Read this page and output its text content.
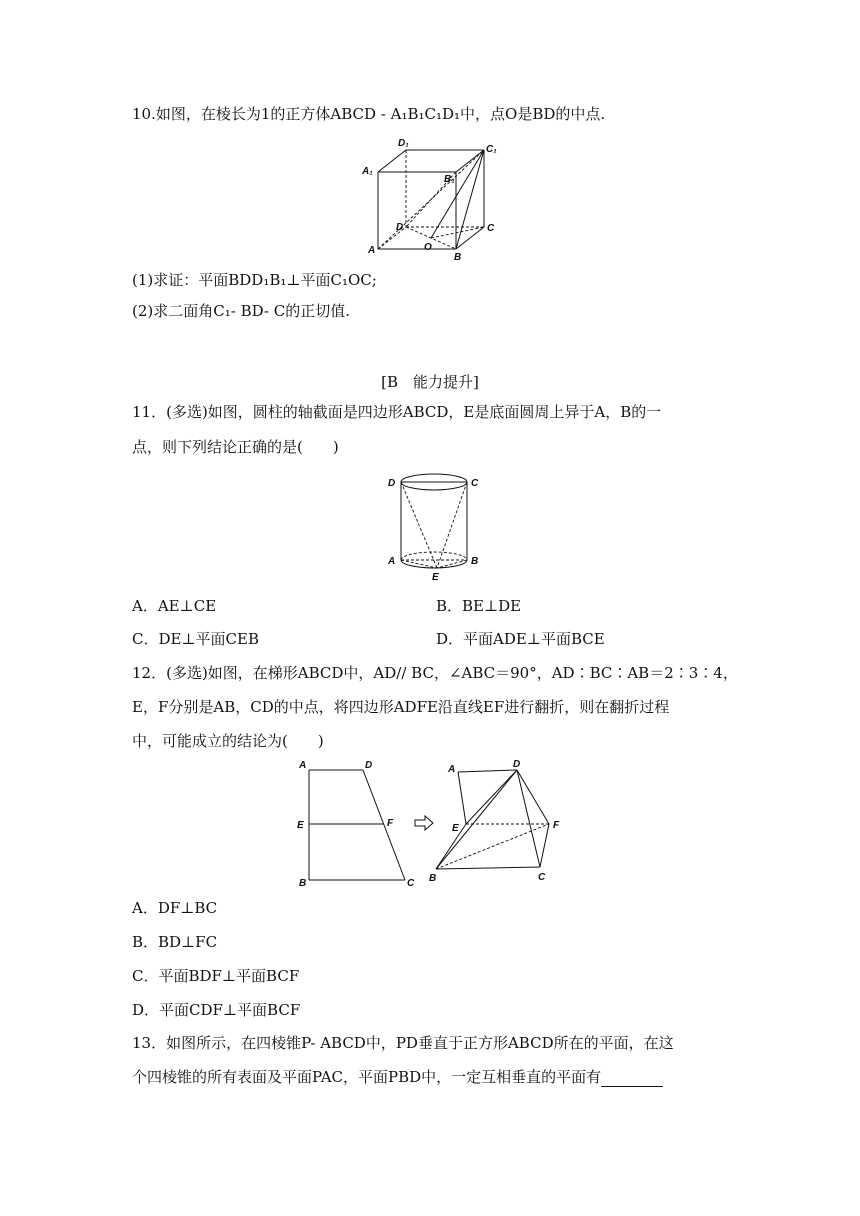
10.如图，在棱长为1的正方体ABCD - A₁B₁C₁D₁中，点O是BD的中点.
D₁
C₁
A₁
B₁
D	C
A	O
B
(1)求证：平面BDD₁B₁⊥平面C₁OC;
(2)求二面角C₁- BD- C的正切值.
[B　能力提升]
11．(多选)如图，圆柱的轴截面是四边形ABCD，E是底面圆周上异于A，B的一
点，则下列结论正确的是(　　)
D	C
A	B
E
A．AE⊥CE	B．BE⊥DE
C．DE⊥平面CEB	D．平面ADE⊥平面BCE
12．(多选)如图，在梯形ABCD中，AD// BC，∠ABC＝90°，AD∶BC∶AB＝2∶3∶4，
E，F分别是AB，CD的中点，将四边形ADFE沿直线EF进行翻折，则在翻折过程
中，可能成立的结论为(　　)
A	D
E	F
B	C
A	D
E	F
B	C
A．DF⊥BC
B．BD⊥FC
C．平面BDF⊥平面BCF
D．平面CDF⊥平面BCF
13．如图所示，在四棱锥P- ABCD中，PD垂直于正方形ABCD所在的平面，在这
个四棱锥的所有表面及平面PAC，平面PBD中，一定互相垂直的平面有
